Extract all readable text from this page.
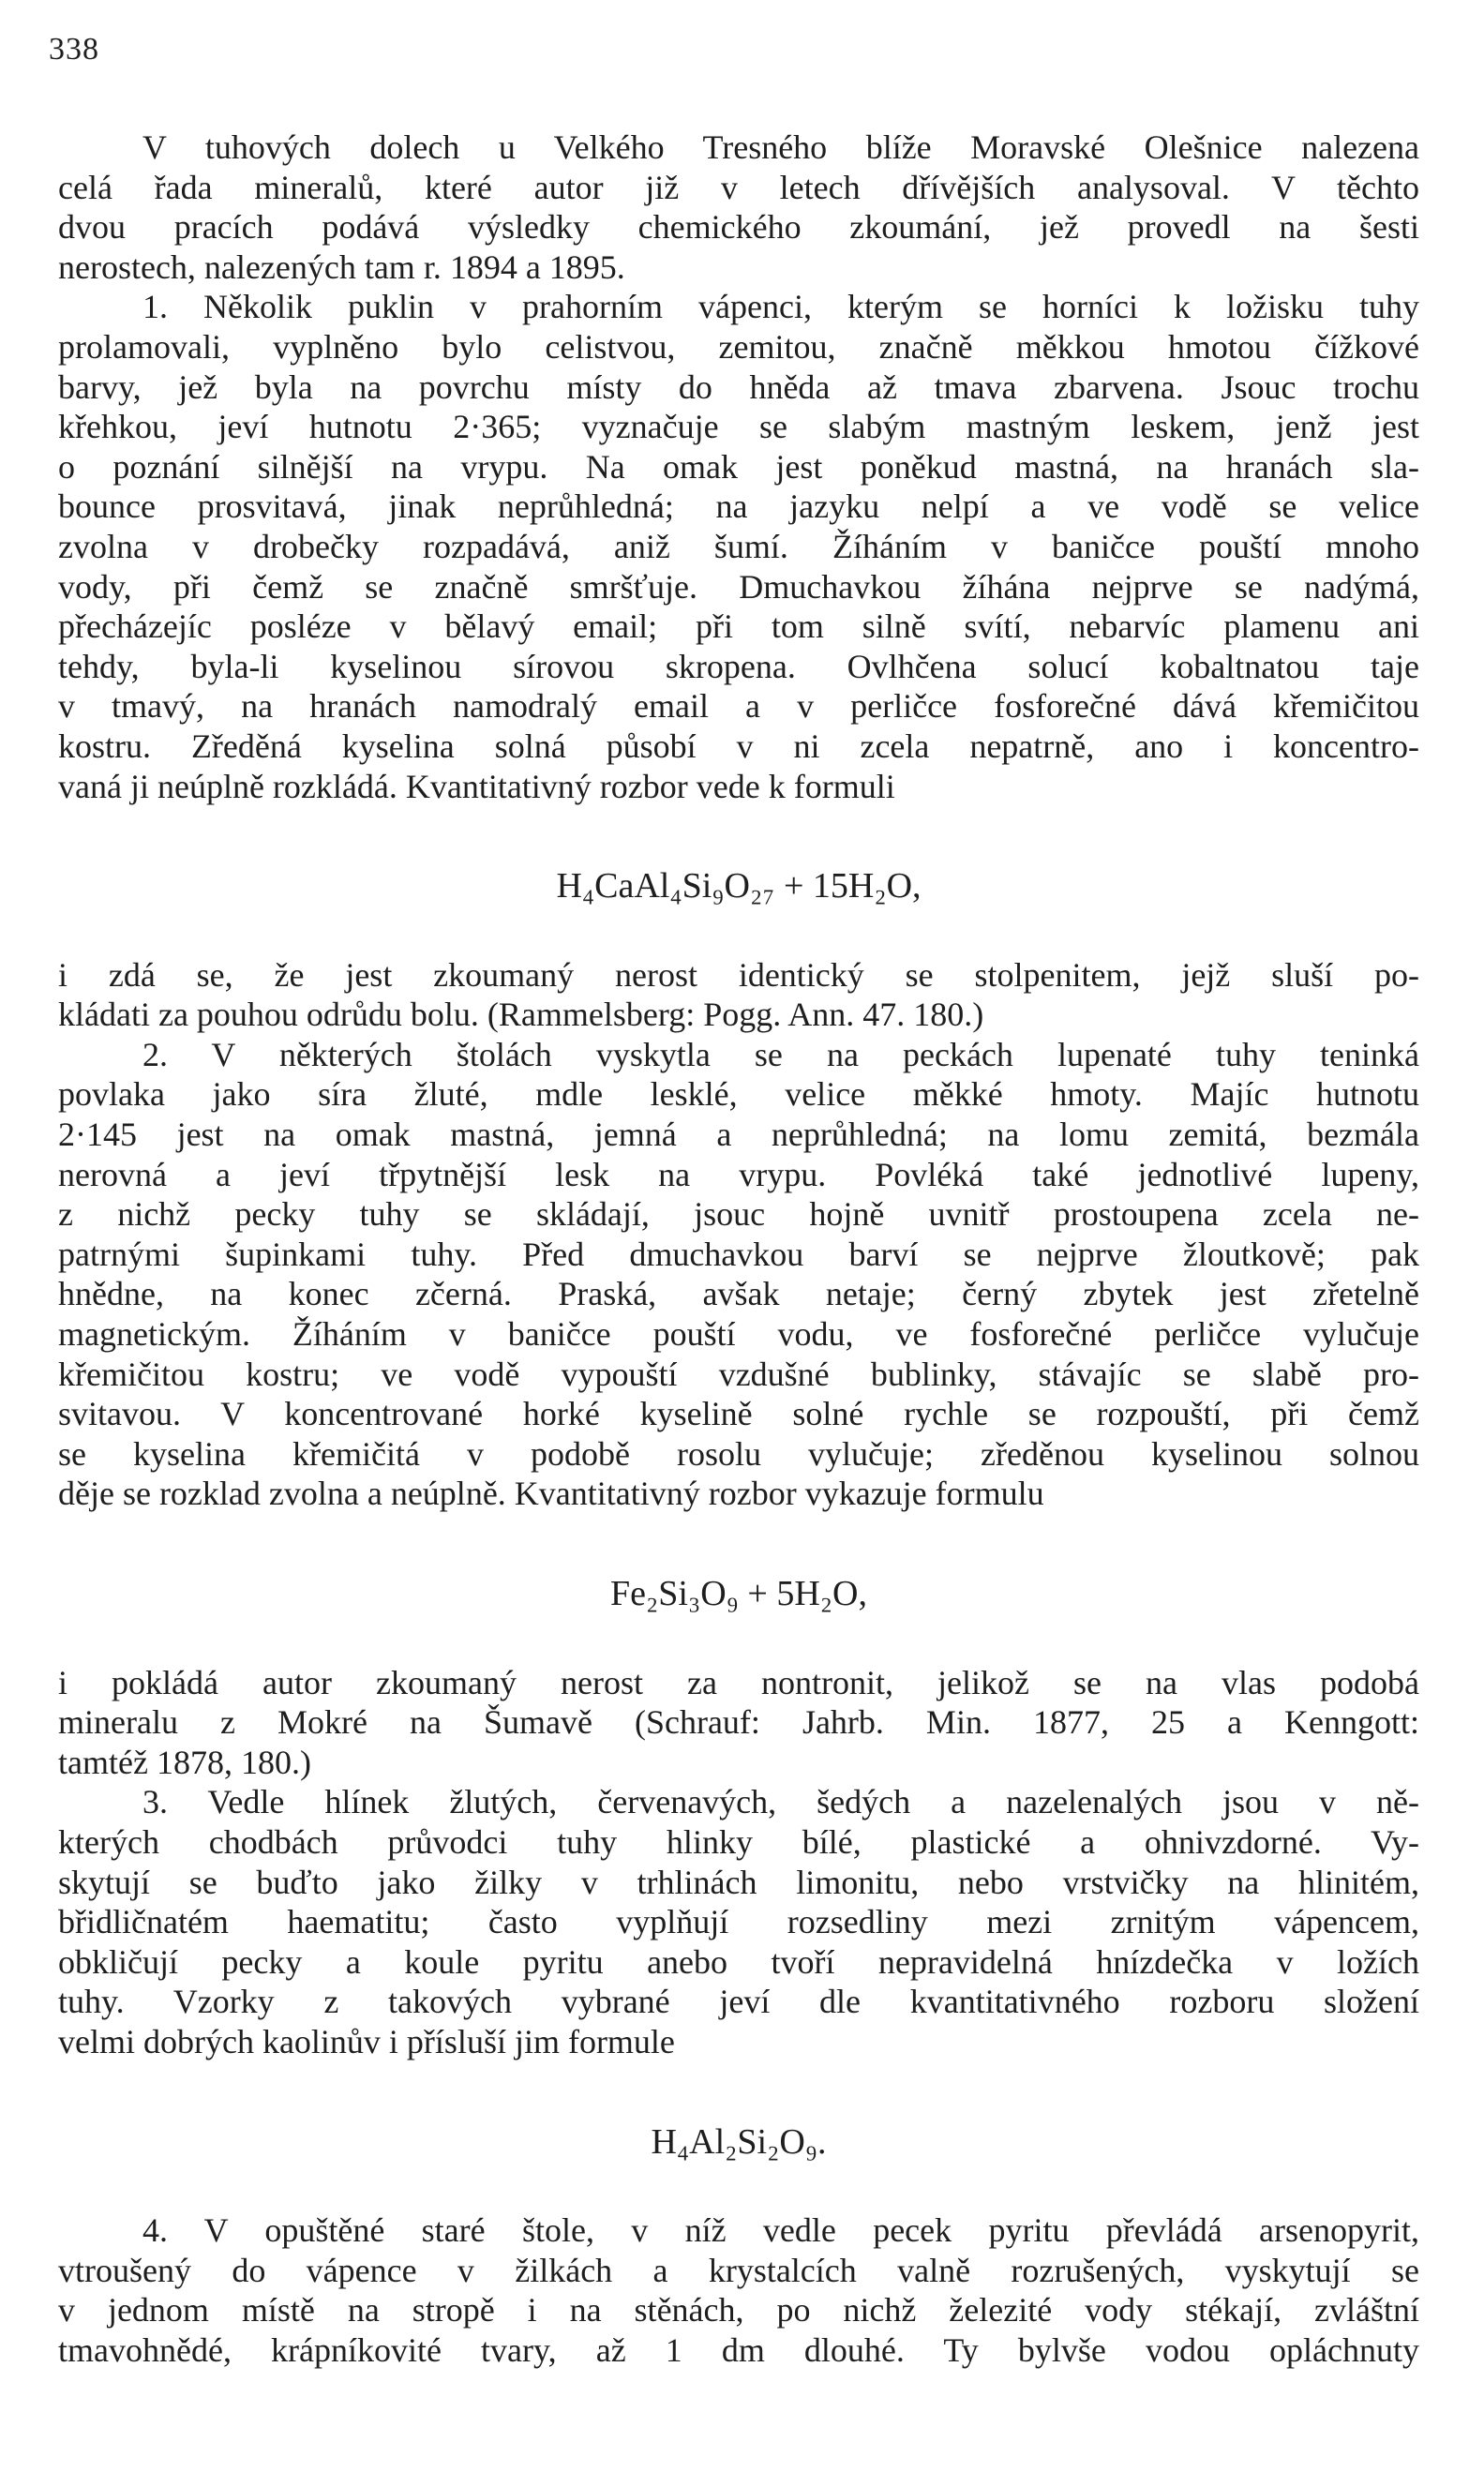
338
V tuhových dolech u Velkého Tresného blíže Moravské Olešnice nalezena
celá řada mineralů, které autor již v letech dřívějších analysoval. V těchto
dvou pracích podává výsledky chemického zkoumání, jež provedl na šesti
nerostech, nalezených tam r. 1894 a 1895.
1. Několik puklin v prahorním vápenci, kterým se horníci k ložisku tuhy
prolamovali, vyplněno bylo celistvou, zemitou, značně měkkou hmotou čížkové
barvy, jež byla na povrchu místy do hněda až tmava zbarvena. Jsouc trochu
křehkou, jeví hutnotu 2·365; vyznačuje se slabým mastným leskem, jenž jest
o poznání silnější na vrypu. Na omak jest poněkud mastná, na hranách sla-
bounce prosvitavá, jinak neprůhledná; na jazyku nelpí a ve vodě se velice
zvolna v drobečky rozpadává, aniž šumí. Žíháním v baničce pouští mnoho
vody, při čemž se značně smršťuje. Dmuchavkou žíhána nejprve se nadýmá,
přecházejíc posléze v bělavý email; při tom silně svítí, nebarvíc plamenu ani
tehdy, byla-li kyselinou sírovou skropena. Ovlhčena solucí kobaltnatou taje
v tmavý, na hranách namodralý email a v perličce fosforečné dává křemičitou
kostru. Zředěná kyselina solná působí v ni zcela nepatrně, ano i koncentro-
vaná ji neúplně rozkládá. Kvantitativný rozbor vede k formuli
H₄CaAl₄Si₉O₂₇ + 15H₂O,
i zdá se, že jest zkoumaný nerost identický se stolpenitem, jejž sluší po-
kládati za pouhou odrůdu bolu. (Rammelsberg: Pogg. Ann. 47. 180.)
2. V některých štolách vyskytla se na peckách lupenaté tuhy teninká
povlaka jako síra žluté, mdle lesklé, velice měkké hmoty. Majíc hutnotu
2·145 jest na omak mastná, jemná a neprůhledná; na lomu zemitá, bezmála
nerovná a jeví třpytnější lesk na vrypu. Povléká také jednotlivé lupeny,
z nichž pecky tuhy se skládají, jsouc hojně uvnitř prostoupena zcela ne-
patrnými šupinkami tuhy. Před dmuchavkou barví se nejprve žloutkově; pak
hnědne, na konec zčerná. Praská, avšak netaje; černý zbytek jest zřetelně
magnetickým. Žíháním v baničce pouští vodu, ve fosforečné perličce vylučuje
křemičitou kostru; ve vodě vypouští vzdušné bublinky, stávajíc se slabě pro-
svitavou. V koncentrované horké kyselině solné rychle se rozpouští, při čemž
se kyselina křemičitá v podobě rosolu vylučuje; zředěnou kyselinou solnou
děje se rozklad zvolna a neúplně. Kvantitativný rozbor vykazuje formulu
Fe₂Si₃O₉ + 5H₂O,
i pokládá autor zkoumaný nerost za nontronit, jelikož se na vlas podobá
mineralu z Mokré na Šumavě (Schrauf: Jahrb. Min. 1877, 25 a Kenngott:
tamtéž 1878, 180.)
3. Vedle hlínek žlutých, červenavých, šedých a nazelenalých jsou v ně-
kterých chodbách průvodci tuhy hlinky bílé, plastické a ohnivzdorné. Vy-
skytují se buďto jako žilky v trhlinách limonitu, nebo vrstvičky na hlinitém,
břidličnatém haematitu; často vyplňují rozsedliny mezi zrnitým vápencem,
obkličují pecky a koule pyritu anebo tvoří nepravidelná hnízdečka v ložích
tuhy. Vzorky z takových vybrané jeví dle kvantitativného rozboru složení
velmi dobrých kaolinův i přísluší jim formule
H₄Al₂Si₂O₉.
4. V opuštěné staré štole, v níž vedle pecek pyritu převládá arsenopyrit,
vtroušený do vápence v žilkách a krystalcích valně rozrušených, vyskytují se
v jednom místě na stropě i na stěnách, po nichž železité vody stékají, zvláštní
tmavohnědé, krápníkovité tvary, až 1 dm dlouhé. Ty bylvše vodou opláchnuty
